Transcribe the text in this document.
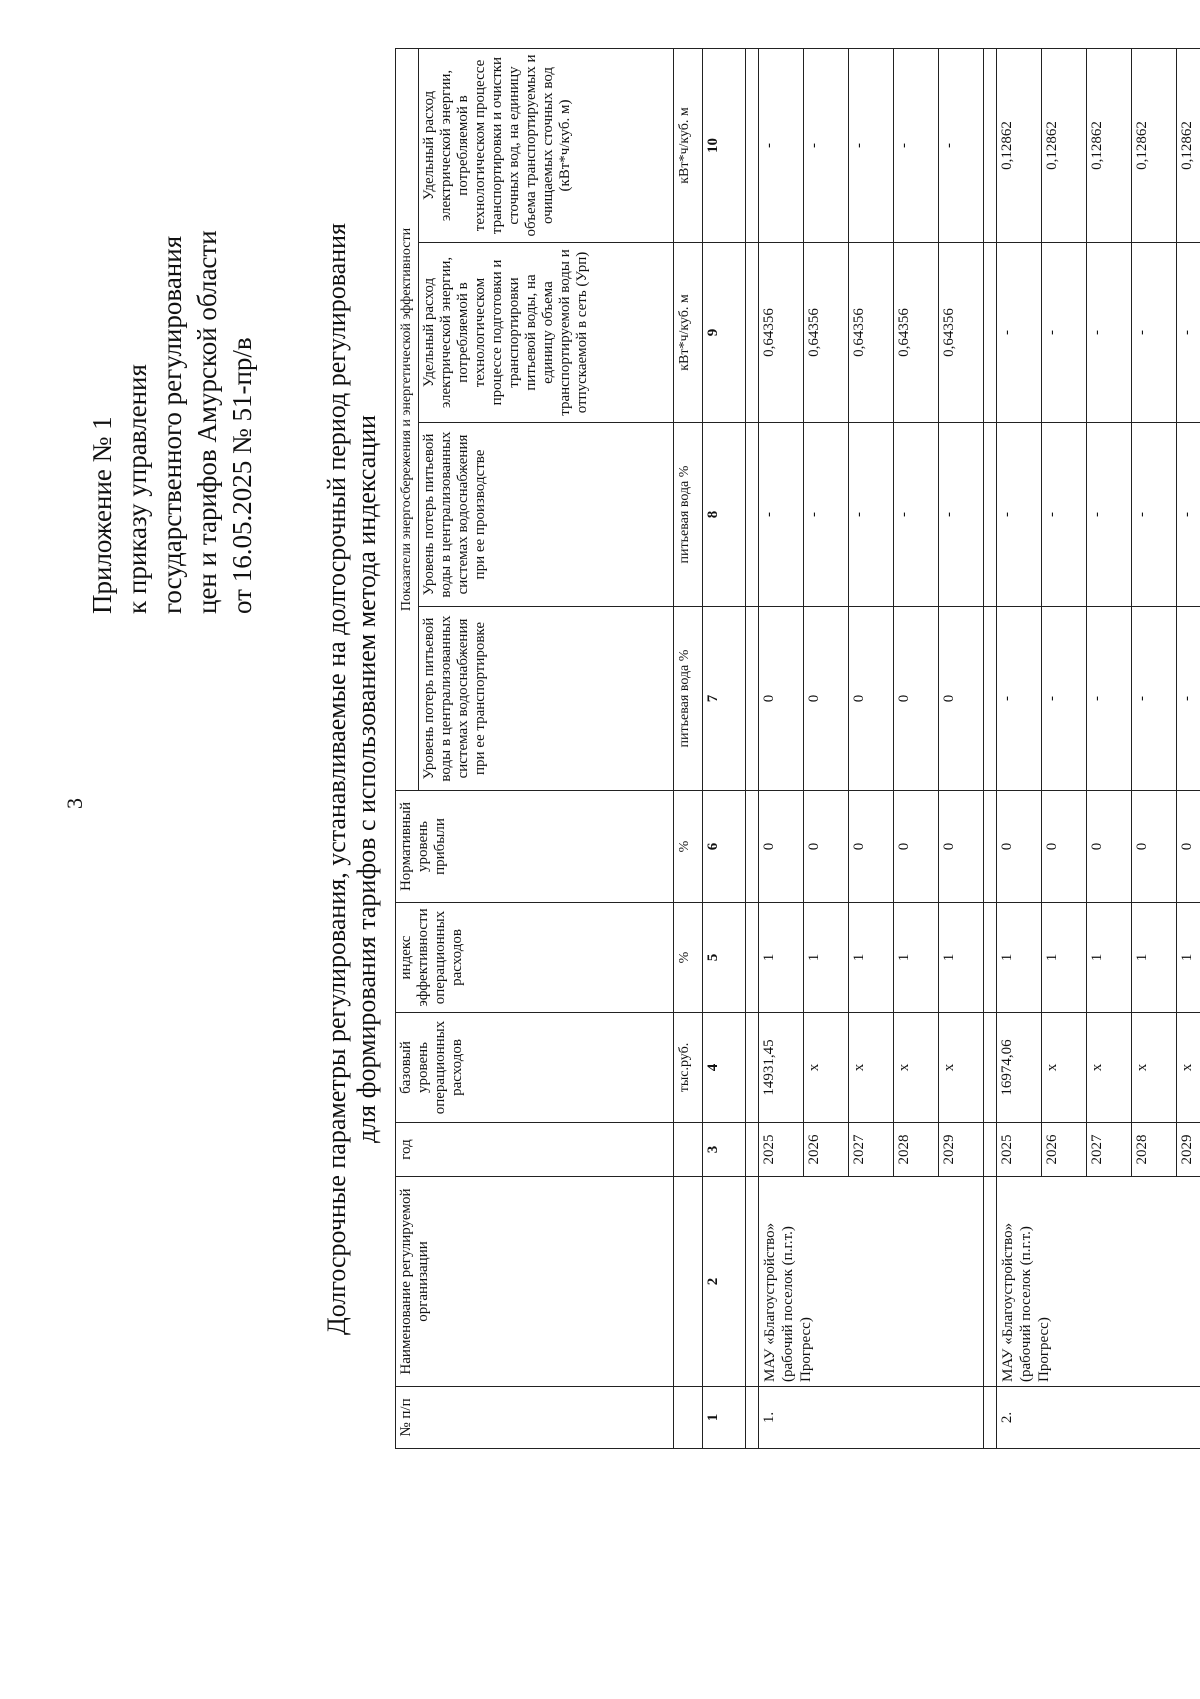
3
Приложение № 1 к приказу управления государственного регулирования цен и тарифов Амурской области от 16.05.2025 № 51-пр/в	Долгосрочные параметры регулирования, устанавливаемые на долгосрочный период регулирования для формирования тарифов с использованием метода индексации
№ п/п	Наименование регулируемой организации	год	базовый уровень операционных расходов	индекс эффективности операционных расходов	Нормативный уровень прибыли	Показатели энергосбережения и энергетической эффективности			
						Уровень потерь питьевой воды в централизованных системах водоснабжения при ее транспортировке	Уровень потерь питьевой воды в централизованных системах водоснабжения при ее производстве	Удельный расход электрической энергии, потребляемой в технологическом процессе подготовки и транспортировки питьевой воды, на единицу объема транспортируемой воды и отпускаемой в сеть (Урп)	Удельный расход электрической энергии, потребляемой в технологическом процессе транспортировки и очистки сточных вод, на единицу объема транспортируемых и очищаемых сточных вод (кВт*ч/куб. м)
			тыс.руб.	%	%	питьевая вода %	питьевая вода %	кВт*ч/куб. м	кВт*ч/куб. м
1	2	3	4	5	6	7	8	9	10

1.	МАУ «Благоустройство» (рабочий поселок (п.г.т.) Прогресс)	2025	14931,45	1	0	0	-	0,64356	-
		2026	х	1	0	0	-	0,64356	-
		2027	х	1	0	0	-	0,64356	-
		2028	х	1	0	0	-	0,64356	-
		2029	х	1	0	0	-	0,64356	-

2.	МАУ «Благоустройство» (рабочий поселок (п.г.т.) Прогресс)	2025	16974,06	1	0	-	-	-	0,12862
		2026	х	1	0	-	-	-	0,12862
		2027	х	1	0	-	-	-	0,12862
		2028	х	1	0	-	-	-	0,12862
		2029	х	1	0	-	-	-	0,12862
